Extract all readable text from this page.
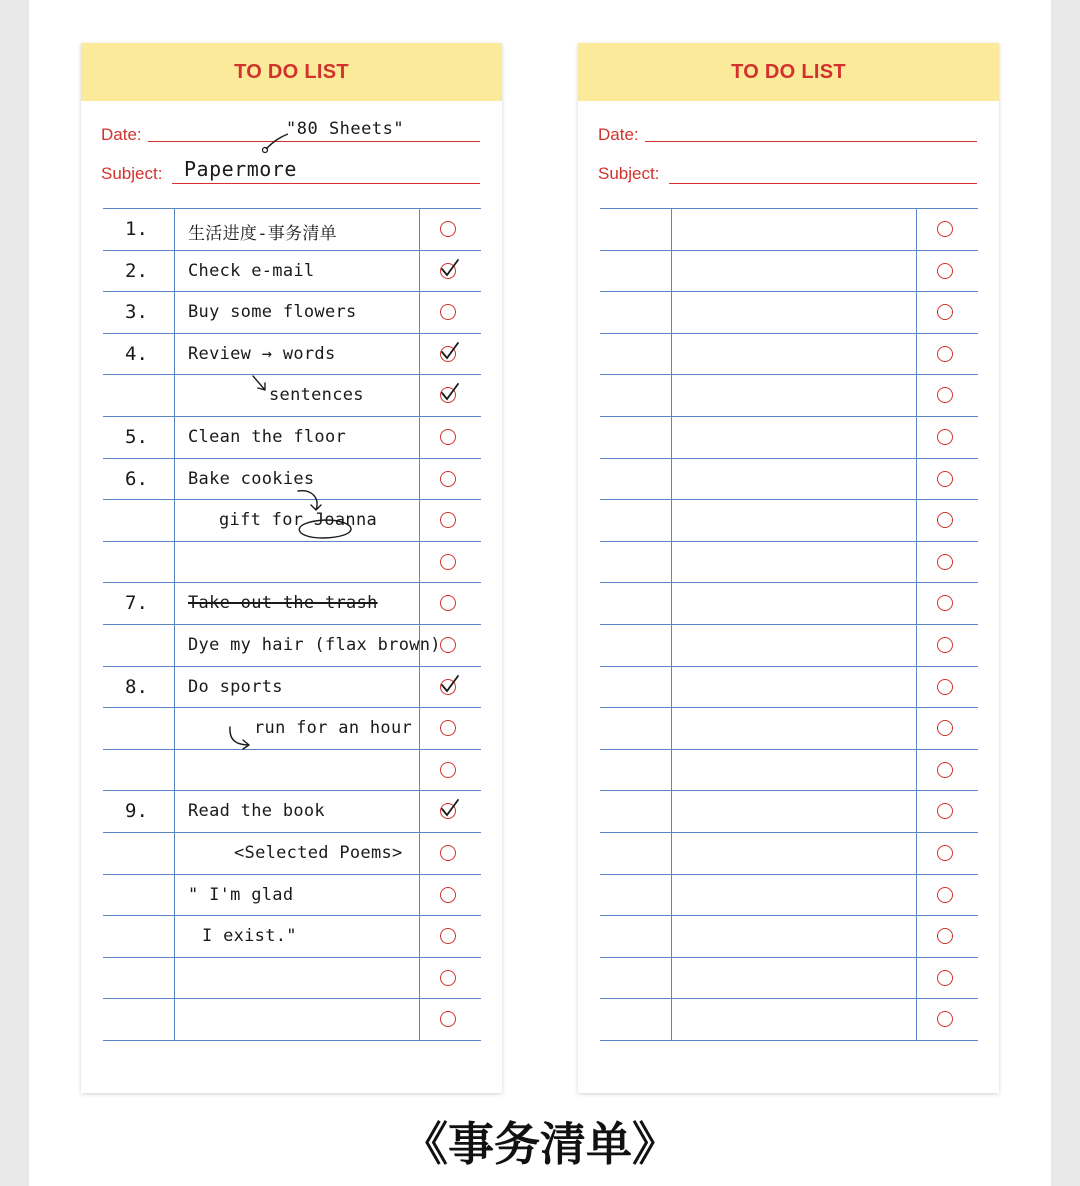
TO DO LIST
Date:	"80 Sheets"
Subject: Papermore
1. 生活进度-事务清单
2. Check e-mail
3. Buy some flowers
4. Review → words
sentences
5. Clean the floor
6. Bake cookies
gift for Joanna
7. Take out the trash
Dye my hair (flax brown)
8. Do sports
run for an hour
9. Read the book
<Selected Poems>
" I'm glad
I exist."
TO DO LIST
Date:
Subject:
《事务清单》
